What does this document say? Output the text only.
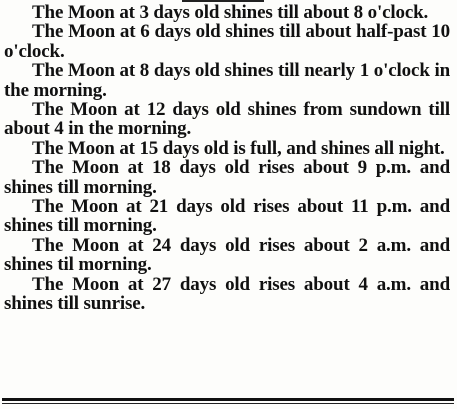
The Moon at 3 days old shines till about 8 o'clock.

The Moon at 6 days old shines till about half-past 10 o'clock.

The Moon at 8 days old shines till nearly 1 o'clock in the morning.

The Moon at 12 days old shines from sundown till about 4 in the morning.

The Moon at 15 days old is full, and shines all night.

The Moon at 18 days old rises about 9 p.m. and shines till morning.

The Moon at 21 days old rises about 11 p.m. and shines till morning.

The Moon at 24 days old rises about 2 a.m. and shines til morning.

The Moon at 27 days old rises about 4 a.m. and shines till sunrise.
